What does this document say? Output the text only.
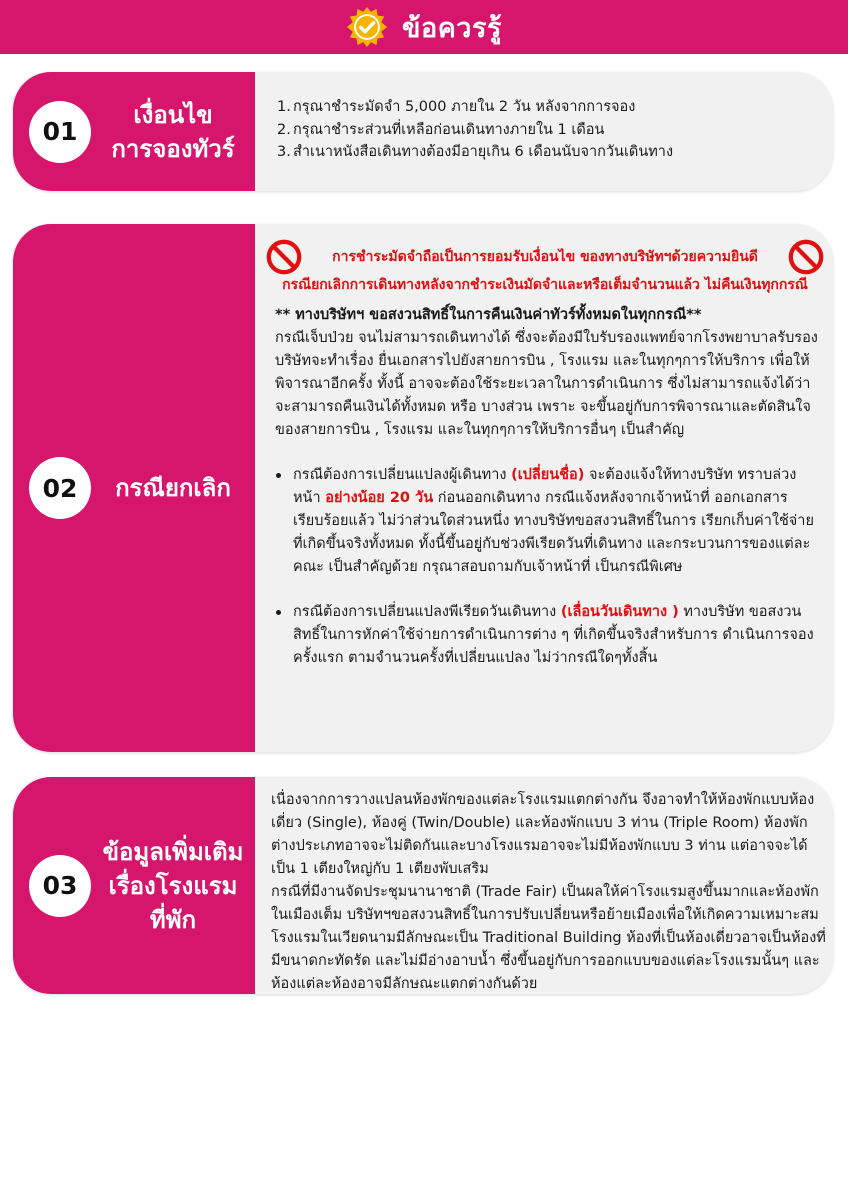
ข้อควรรู้
01
เงื่อนไข
การจองทัวร์
1. กรุณาชำระมัดจำ 5,000 ภายใน 2 วัน หลังจากการจอง
2. กรุณาชำระส่วนที่เหลือก่อนเดินทางภายใน 1 เดือน
3. สำเนาหนังสือเดินทางต้องมีอายุเกิน 6 เดือนนับจากวันเดินทาง
02	กรณียกเลิก
การชำระมัดจำถือเป็นการยอมรับเงื่อนไข ของทางบริษัทฯด้วยความยินดี
กรณียกเลิกการเดินทางหลังจากชำระเงินมัดจำและหรือเต็มจำนวนแล้ว ไม่คืนเงินทุกกรณี
** ทางบริษัทฯ ขอสงวนสิทธิ์ในการคืนเงินค่าทัวร์ทั้งหมดในทุกกรณี**
กรณีเจ็บป่วย จนไม่สามารถเดินทางได้ ซึ่งจะต้องมีใบรับรองแพทย์จากโรงพยาบาลรับรอง บริษัทจะทำเรื่อง ยื่นเอกสารไปยังสายการบิน , โรงแรม และในทุกๆการให้บริการ เพื่อให้พิจารณาอีกครั้ง ทั้งนี้ อาจจะต้องใช้ระยะเวลาในการดำเนินการ ซึ่งไม่สามารถแจ้งได้ว่าจะสามารถคืนเงินได้ทั้งหมด หรือ บางส่วน เพราะ จะขึ้นอยู่กับการพิจารณาและตัดสินใจ ของสายการบิน , โรงแรม และในทุกๆการให้บริการอื่นๆ เป็นสำคัญ
กรณีต้องการเปลี่ยนแปลงผู้เดินทาง (เปลี่ยนชื่อ) จะต้องแจ้งให้ทางบริษัท ทราบล่วงหน้า อย่างน้อย 20 วัน ก่อนออกเดินทาง กรณีแจ้งหลังจากเจ้าหน้าที่ ออกเอกสารเรียบร้อยแล้ว ไม่ว่าส่วนใดส่วนหนึ่ง ทางบริษัทขอสงวนสิทธิ์ในการ เรียกเก็บค่าใช้จ่ายที่เกิดขึ้นจริงทั้งหมด ทั้งนี้ขึ้นอยู่กับช่วงพีเรียดวันที่เดินทาง และกระบวนการของแต่ละคณะ เป็นสำคัญด้วย กรุณาสอบถามกับเจ้าหน้าที่ เป็นกรณีพิเศษ
กรณีต้องการเปลี่ยนแปลงพีเรียดวันเดินทาง (เลื่อนวันเดินทาง ) ทางบริษัท ขอสงวนสิทธิ์ในการหักค่าใช้จ่ายการดำเนินการต่าง ๆ ที่เกิดขึ้นจริงสำหรับการ ดำเนินการจองครั้งแรก ตามจำนวนครั้งที่เปลี่ยนแปลง ไม่ว่ากรณีใดๆทั้งสิ้น
03
ข้อมูลเพิ่มเติม
เรื่องโรงแรม
ที่พัก
เนื่องจากการวางแปลนห้องพักของแต่ละโรงแรมแตกต่างกัน จึงอาจทำให้ห้องพักแบบห้องเดี่ยว (Single), ห้องคู่ (Twin/Double) และห้องพักแบบ 3 ท่าน (Triple Room) ห้องพักต่างประเภทอาจจะไม่ติดกันและบางโรงแรมอาจจะไม่มีห้องพักแบบ 3 ท่าน แต่อาจจะได้เป็น 1 เตียงใหญ่กับ 1 เตียงพับเสริม
กรณีที่มีงานจัดประชุมนานาชาติ (Trade Fair) เป็นผลให้ค่าโรงแรมสูงขึ้นมากและห้องพักในเมืองเต็ม บริษัทฯขอสงวนสิทธิ์ในการปรับเปลี่ยนหรือย้ายเมืองเพื่อให้เกิดความเหมาะสม โรงแรมในเวียดนามมีลักษณะเป็น Traditional Building ห้องที่เป็นห้องเดี่ยวอาจเป็นห้องที่มีขนาดกะทัดรัด และไม่มีอ่างอาบน้ำ ซึ่งขึ้นอยู่กับการออกแบบของแต่ละโรงแรมนั้นๆ และห้องแต่ละห้องอาจมีลักษณะแตกต่างกันด้วย
